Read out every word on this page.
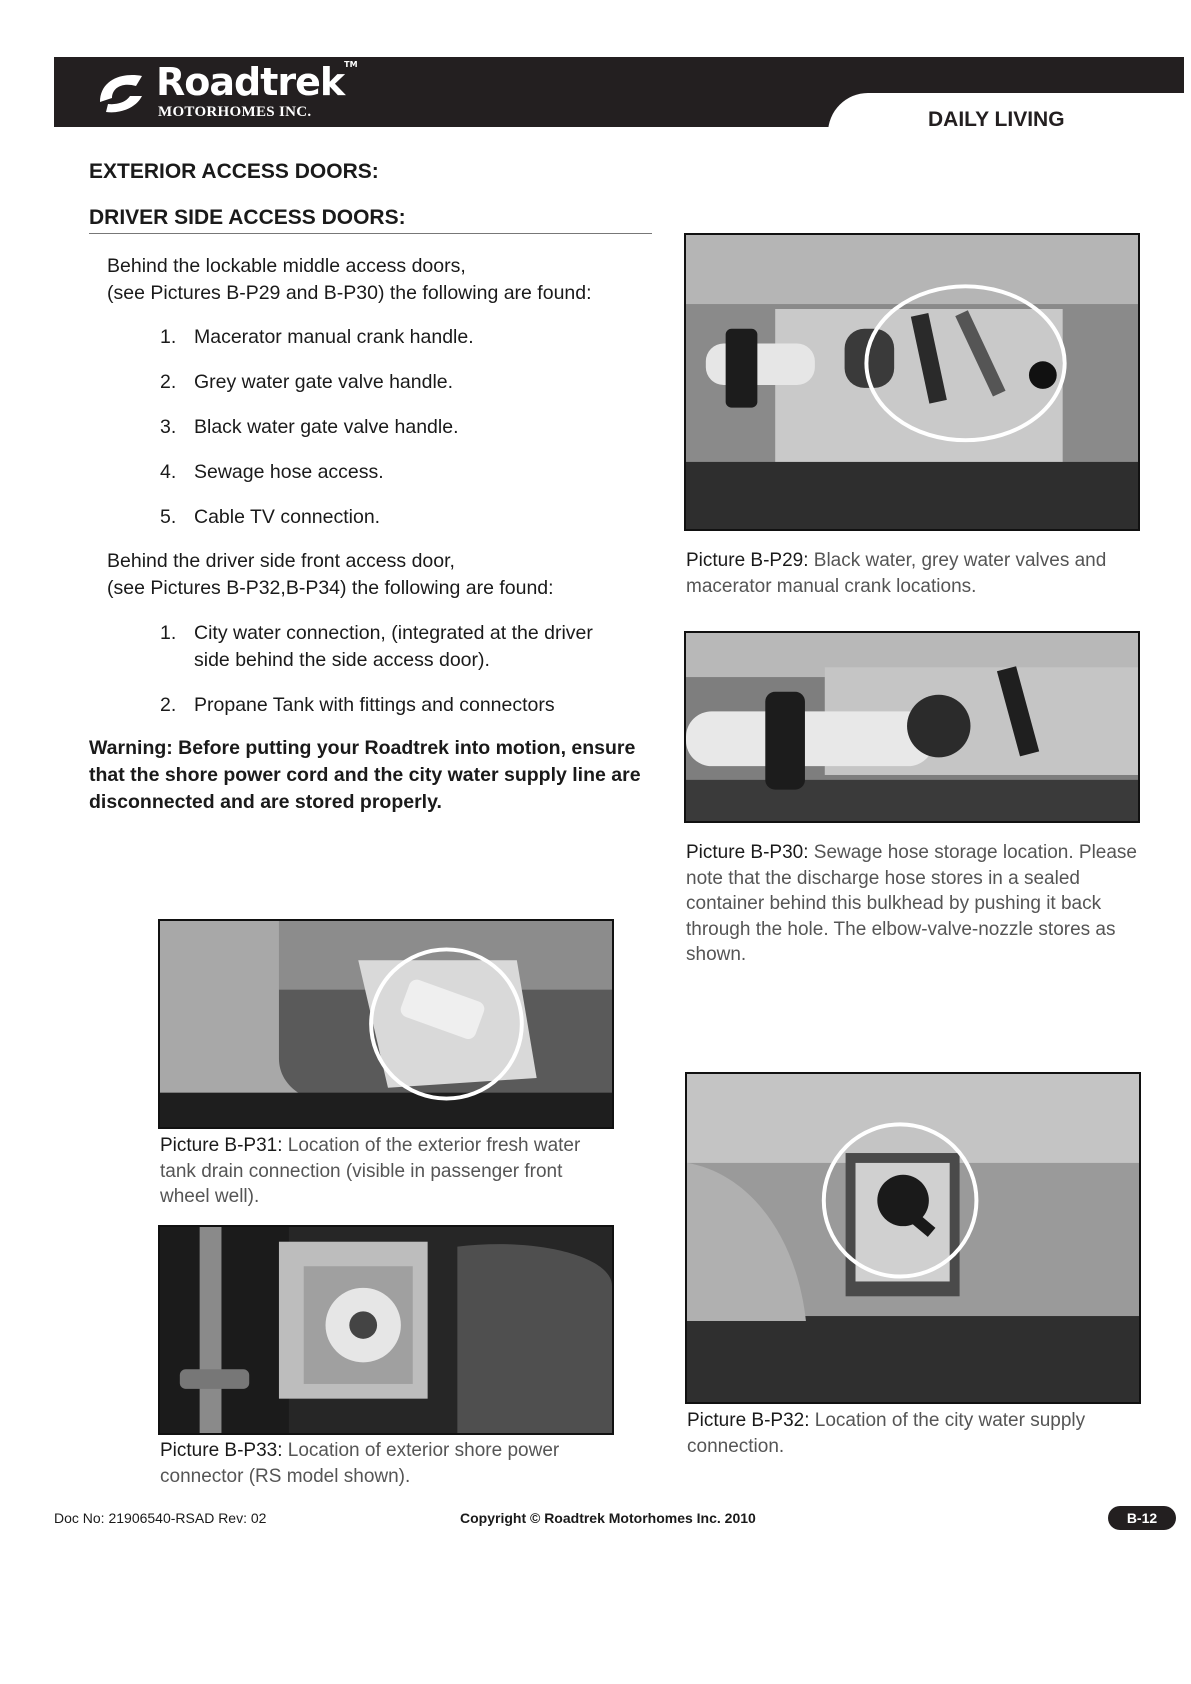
Roadtrek™
MOTORHOMES INC.	DAILY LIVING
EXTERIOR ACCESS DOORS:
DRIVER SIDE ACCESS DOORS:
Behind the lockable middle access doors,
(see Pictures B-P29 and B-P30) the following are found:
1. Macerator manual crank handle.
2. Grey water gate valve handle.
3. Black water gate valve handle.
4. Sewage hose access.
5. Cable TV connection.
Behind the driver side front access door,
(see Pictures B-P32,B-P34) the following are found:
1. City water connection, (integrated at the driver
side behind the side access door).
2. Propane Tank with fittings and connectors
Warning: Before putting your Roadtrek into motion, ensure that the shore power cord and the city water supply line are disconnected and are stored properly.
Picture B-P29: Black water, grey water valves and macerator manual crank locations.
Picture B-P30: Sewage hose storage location. Please note that the discharge hose stores in a sealed container behind this bulkhead by pushing it back through the hole. The elbow-valve-nozzle stores as shown.
Picture B-P31: Location of the exterior fresh water tank drain connection (visible in passenger front wheel well).
Picture B-P32: Location of the city water supply connection.
Picture B-P33: Location of exterior shore power connector (RS model shown).
Doc No: 21906540-RSAD Rev: 02	Copyright © Roadtrek Motorhomes Inc. 2010	B-12
